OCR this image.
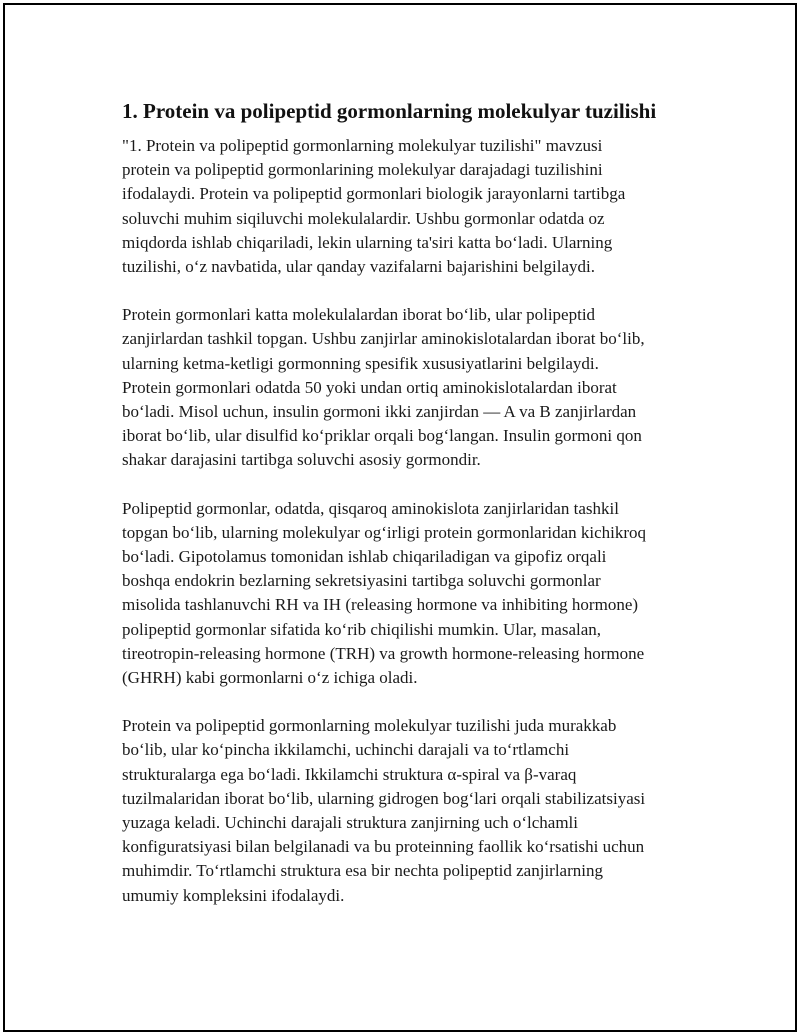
1. Protein va polipeptid gormonlarning molekulyar tuzilishi

"1. Protein va polipeptid gormonlarning molekulyar tuzilishi" mavzusi
protein va polipeptid gormonlarining molekulyar darajadagi tuzilishini
ifodalaydi. Protein va polipeptid gormonlari biologik jarayonlarni tartibga
soluvchi muhim siqiluvchi molekulalardir. Ushbu gormonlar odatda oz
miqdorda ishlab chiqariladi, lekin ularning ta'siri katta bo‘ladi. Ularning
tuzilishi, o‘z navbatida, ular qanday vazifalarni bajarishini belgilaydi.

Protein gormonlari katta molekulalardan iborat bo‘lib, ular polipeptid
zanjirlardan tashkil topgan. Ushbu zanjirlar aminokislotalardan iborat bo‘lib,
ularning ketma-ketligi gormonning spesifik xususiyatlarini belgilaydi.
Protein gormonlari odatda 50 yoki undan ortiq aminokislotalardan iborat
bo‘ladi. Misol uchun, insulin gormoni ikki zanjirdan — A va B zanjirlardan
iborat bo‘lib, ular disulfid ko‘priklar orqali bog‘langan. Insulin gormoni qon
shakar darajasini tartibga soluvchi asosiy gormondir.

Polipeptid gormonlar, odatda, qisqaroq aminokislota zanjirlaridan tashkil
topgan bo‘lib, ularning molekulyar og‘irligi protein gormonlaridan kichikroq
bo‘ladi. Gipotolamus tomonidan ishlab chiqariladigan va gipofiz orqali
boshqa endokrin bezlarning sekretsiyasini tartibga soluvchi gormonlar
misolida tashlanuvchi RH va IH (releasing hormone va inhibiting hormone)
polipeptid gormonlar sifatida ko‘rib chiqilishi mumkin. Ular, masalan,
tireotropin-releasing hormone (TRH) va growth hormone-releasing hormone
(GHRH) kabi gormonlarni o‘z ichiga oladi.

Protein va polipeptid gormonlarning molekulyar tuzilishi juda murakkab
bo‘lib, ular ko‘pincha ikkilamchi, uchinchi darajali va to‘rtlamchi
strukturalarga ega bo‘ladi. Ikkilamchi struktura α-spiral va β-varaq
tuzilmalaridan iborat bo‘lib, ularning gidrogen bog‘lari orqali stabilizatsiyasi
yuzaga keladi. Uchinchi darajali struktura zanjirning uch o‘lchamli
konfiguratsiyasi bilan belgilanadi va bu proteinning faollik ko‘rsatishi uchun
muhimdir. To‘rtlamchi struktura esa bir nechta polipeptid zanjirlarning
umumiy kompleksini ifodalaydi.
